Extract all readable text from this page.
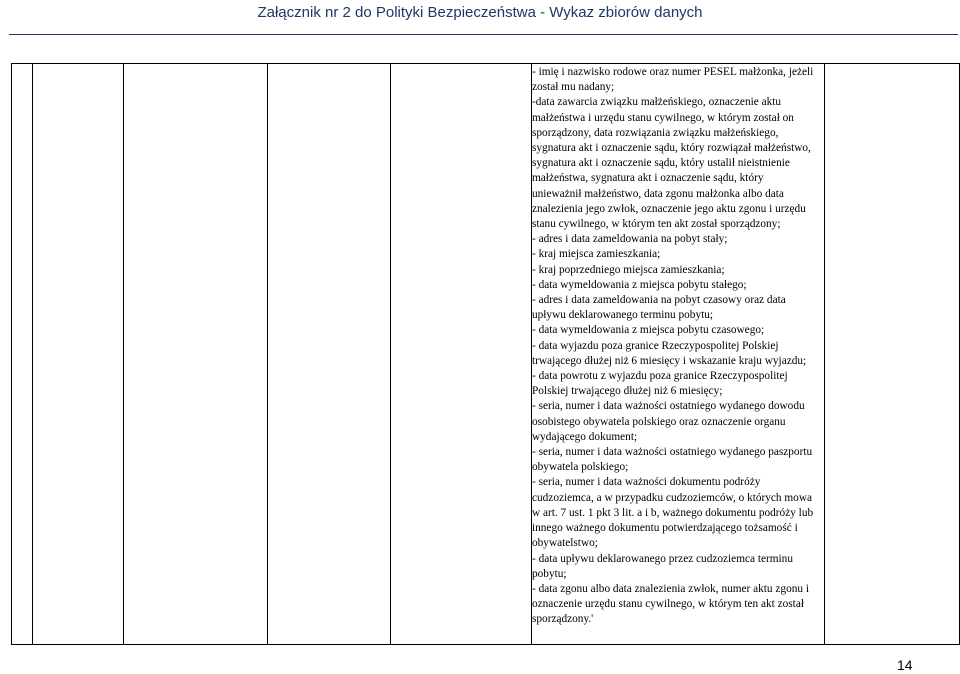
Załącznik nr 2 do Polityki Bezpieczeństwa - Wykaz zbiorów danych

- imię i nazwisko rodowe oraz numer PESEL małżonka, jeżeli

został mu nadany;

-data zawarcia związku małżeńskiego, oznaczenie aktu

małżeństwa i urzędu stanu cywilnego, w którym został on

sporządzony, data rozwiązania związku małżeńskiego,

sygnatura akt i oznaczenie sądu, który rozwiązał małżeństwo,

sygnatura akt i oznaczenie sądu, który ustalił nieistnienie

małżeństwa, sygnatura akt i oznaczenie sądu, który

unieważnił małżeństwo, data zgonu małżonka albo data

znalezienia jego zwłok, oznaczenie jego aktu zgonu i urzędu

stanu cywilnego, w którym ten akt został sporządzony;

- adres i data zameldowania na pobyt stały;

- kraj miejsca zamieszkania;

- kraj poprzedniego miejsca zamieszkania;

- data wymeldowania z miejsca pobytu stałego;

- adres i data zameldowania na pobyt czasowy oraz data

upływu deklarowanego terminu pobytu;

- data wymeldowania z miejsca pobytu czasowego;

- data wyjazdu poza granice Rzeczypospolitej Polskiej

trwającego dłużej niż 6 miesięcy i wskazanie kraju wyjazdu;

- data powrotu z wyjazdu poza granice Rzeczypospolitej

Polskiej trwającego dłużej niż 6 miesięcy;

- seria, numer i data ważności ostatniego wydanego dowodu

osobistego obywatela polskiego oraz oznaczenie organu

wydającego dokument;

- seria, numer i data ważności ostatniego wydanego paszportu

obywatela polskiego;

- seria, numer i data ważności dokumentu podróży

cudzoziemca, a w przypadku cudzoziemców, o których mowa

w art. 7 ust. 1 pkt 3 lit. a i b, ważnego dokumentu podróży lub

innego ważnego dokumentu potwierdzającego tożsamość i

obywatelstwo;

- data upływu deklarowanego przez cudzoziemca terminu

pobytu;

- data zgonu albo data znalezienia zwłok, numer aktu zgonu i

oznaczenie urzędu stanu cywilnego, w którym ten akt został

sporządzony.'

14
